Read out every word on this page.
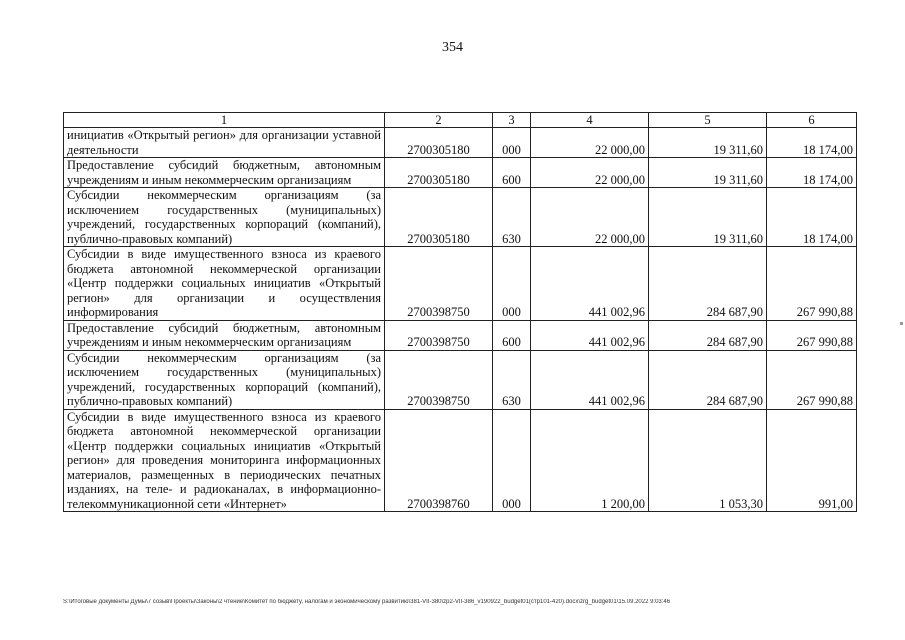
354
1	2	3	4	5	6
инициатив «Открытый регион» для организации уставной деятельности	2700305180	000	22 000,00	19 311,60	18 174,00
Предоставление субсидий бюджетным, автономным учреждениям и иным некоммерческим организациям	2700305180	600	22 000,00	19 311,60	18 174,00
Субсидии некоммерческим организациям (за исключением государственных (муниципальных) учреждений, государственных корпораций (компаний), публично-правовых компаний)	2700305180	630	22 000,00	19 311,60	18 174,00
Субсидии в виде имущественного взноса из краевого бюджета автономной некоммерческой организации «Центр поддержки социальных инициатив «Открытый регион» для организации и осуществления информирования	2700398750	000	441 002,96	284 687,90	267 990,88
Предоставление субсидий бюджетным, автономным учреждениям и иным некоммерческим организациям	2700398750	600	441 002,96	284 687,90	267 990,88
Субсидии некоммерческим организациям (за исключением государственных (муниципальных) учреждений, государственных корпораций (компаний), публично-правовых компаний)	2700398750	630	441 002,96	284 687,90	267 990,88
Субсидии в виде имущественного взноса из краевого бюджета автономной некоммерческой организации «Центр поддержки социальных инициатив «Открытый регион» для проведения мониторинга информационных материалов, размещенных в периодических печатных изданиях, на теле- и радиоканалах, в информационно-телекоммуникационной сети «Интернет»	2700398760	000	1 200,00	1 053,30	991,00
S:\Итоговые документы Думы\7 созыв\Проекты\Законы\2 чтение\Комитет по бюджету, налогам и экономическому развитию\381-VII-380\zp2-VII-386_v190922_budget01(стр101-420).docx\zrg_budget01\15.09.2022 9:03:46
